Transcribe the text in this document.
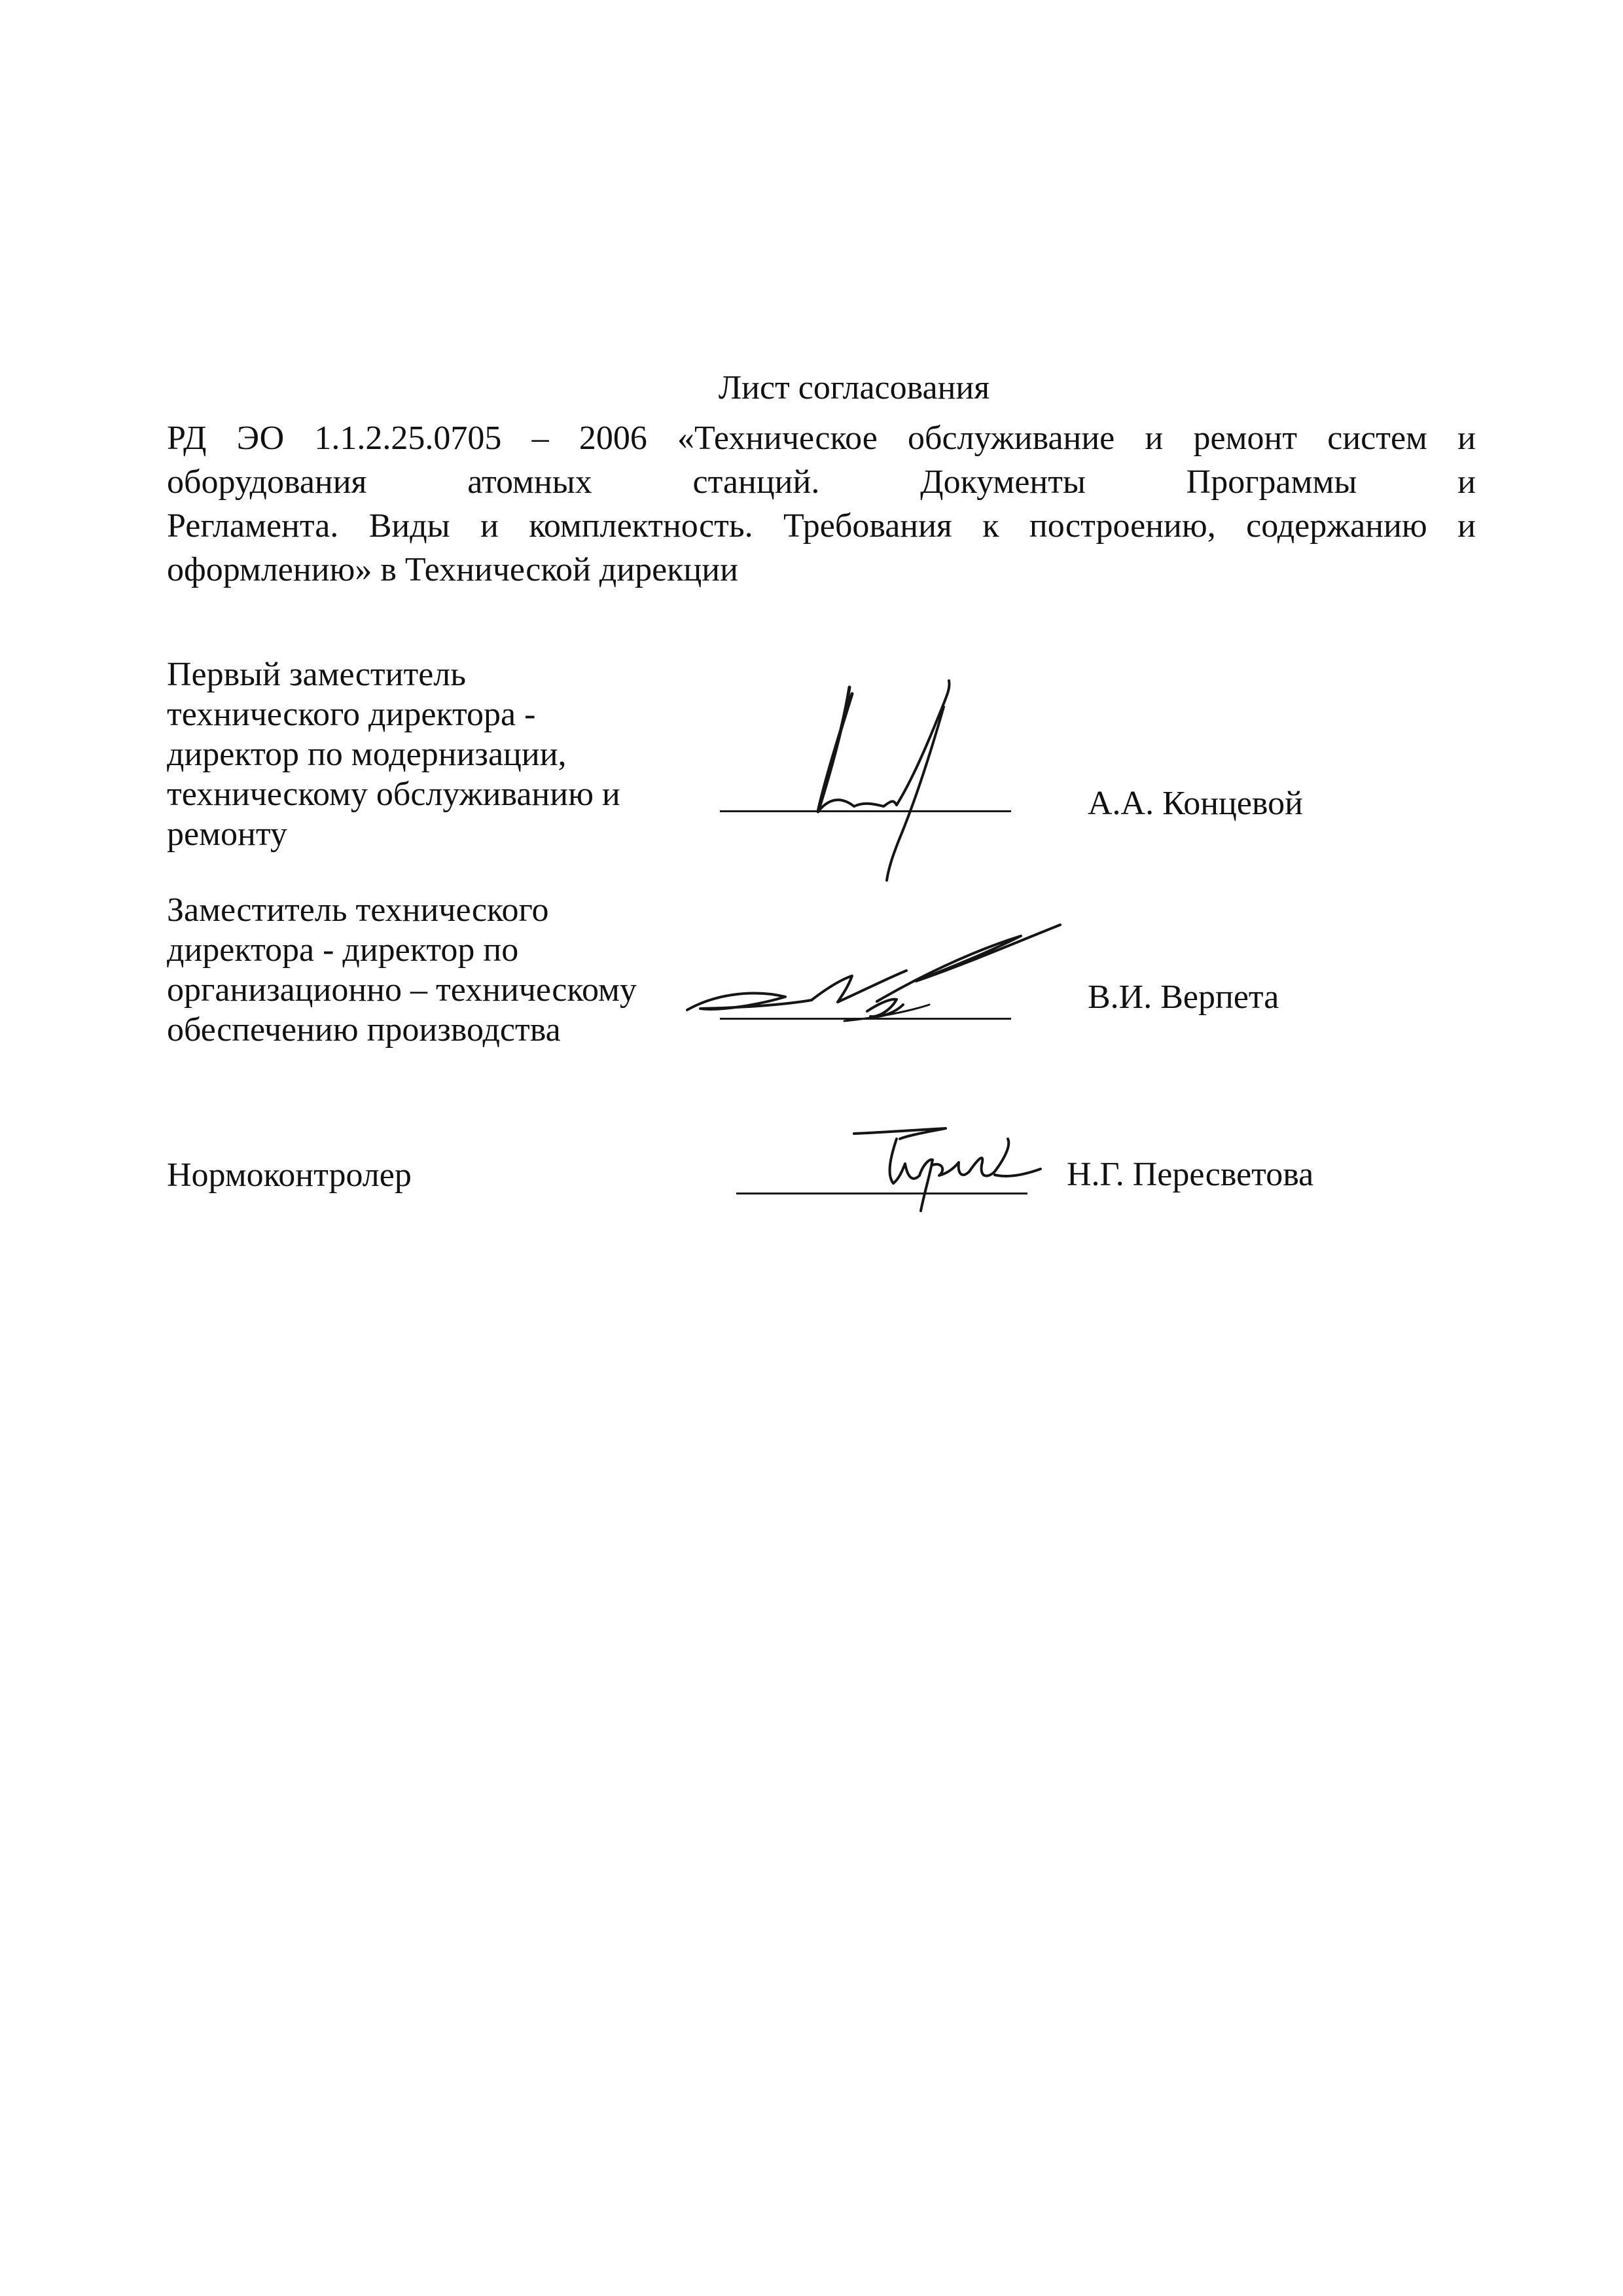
Лист согласования
РД ЭО 1.1.2.25.0705 – 2006 «Техническое обслуживание и ремонт систем и
оборудования атомных станций. Документы Программы и
Регламента. Виды и комплектность. Требования к построению, содержанию и
оформлению» в Технической дирекции
Первый заместитель
технического директора -
директор по модернизации,
техническому обслуживанию и
ремонту
А.А. Концевой
Заместитель технического
директора - директор по
организационно – техническому
обеспечению производства
В.И. Верпета
Нормоконтролер	Н.Г. Пересветова
